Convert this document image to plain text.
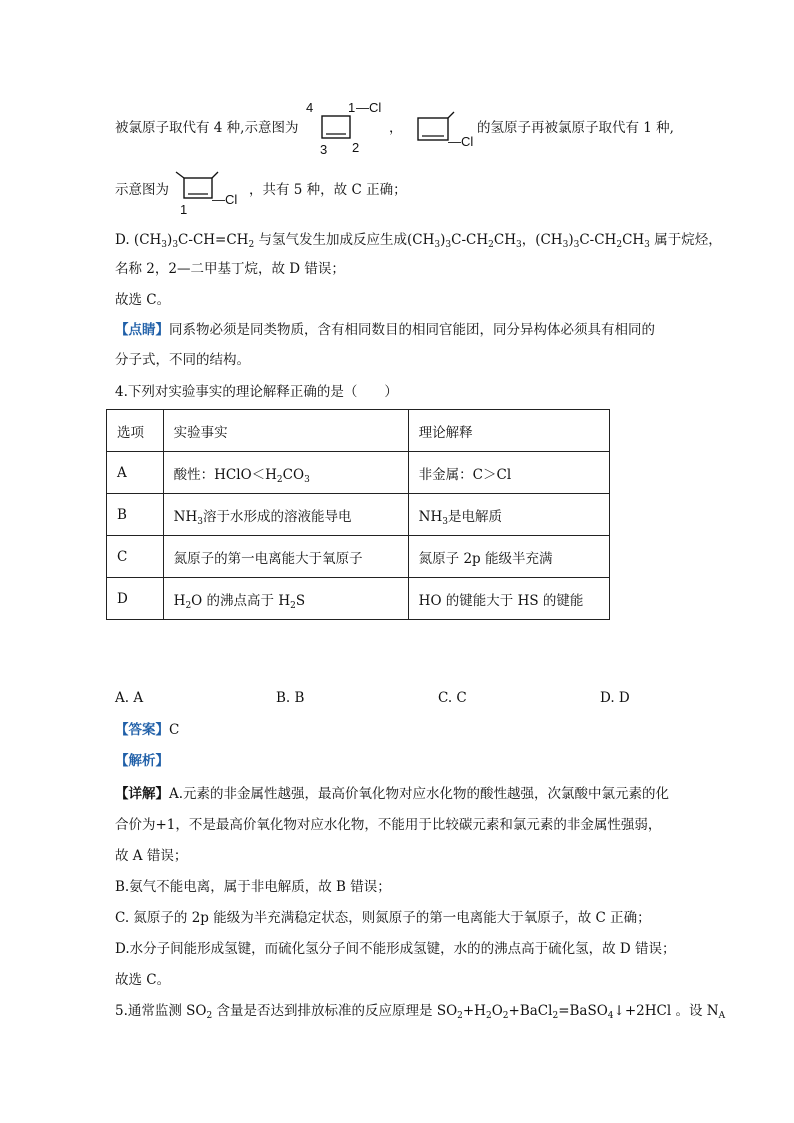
被氯原子取代有 4 种,示意图为
4	1 —Cl
3 2
，
—Cl
的氢原子再被氯原子取代有 1 种,
示意图为
1
—Cl
，共有 5 种，故 C 正确；
D. $(CH_3)_3C-CH=CH_2$ 与氢气发生加成反应生成$(CH_3)_3C-CH_2CH_3$，$(CH_3)_3C-CH_2CH_3$ 属于烷烃，
名称 2，2—二甲基丁烷，故 D 错误；
故选 C。
【点睛】同系物必须是同类物质，含有相同数目的相同官能团，同分异构体必须具有相同的
分子式，不同的结构。
4.下列对实验事实的理论解释正确的是（　　）
选项	实验事实	理论解释
A	酸性：$HClO<H_2CO_3$	非金属：C＞Cl
B	$NH_3$溶于水形成的溶液能导电	$NH_3$是电解质
C	氮原子的第一电离能大于氧原子	氮原子 2p 能级半充满
D	$H_2O$ 的沸点高于 $H_2S$	HO 的键能大于 HS 的键能
A. A	B. B	C. C	D. D
【答案】C
【解析】
【详解】A.元素的非金属性越强，最高价氧化物对应水化物的酸性越强，次氯酸中氯元素的化
合价为+1，不是最高价氧化物对应水化物，不能用于比较碳元素和氯元素的非金属性强弱，
故 A 错误；
B.氨气不能电离，属于非电解质，故 B 错误；
C. 氮原子的 2p 能级为半充满稳定状态，则氮原子的第一电离能大于氧原子，故 C 正确；
D.水分子间能形成氢键，而硫化氢分子间不能形成氢键，水的的沸点高于硫化氢，故 D 错误；
故选 C。
5.通常监测 $SO_2$ 含量是否达到排放标准的反应原理是 $SO_2+H_2O_2+BaCl_2=BaSO_4↓+2HCl$ 。设 $N_A$
